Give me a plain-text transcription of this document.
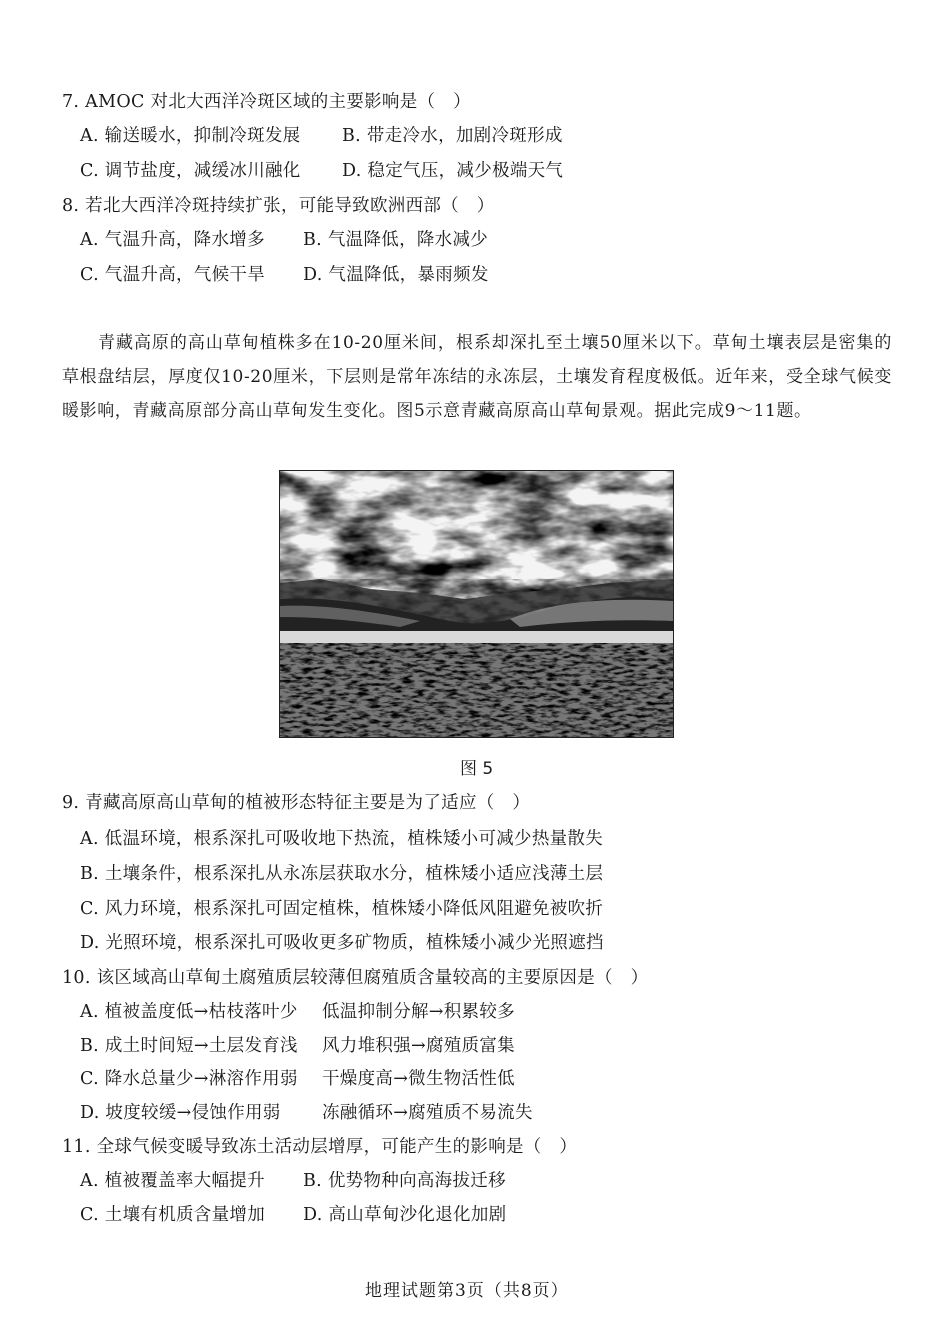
7. AMOC 对北大西洋冷斑区域的主要影响是（　）
A. 输送暖水，抑制冷斑发展 B. 带走冷水，加剧冷斑形成
C. 调节盐度，减缓冰川融化 D. 稳定气压，减少极端天气
8. 若北大西洋冷斑持续扩张，可能导致欧洲西部（　）
A. 气温升高，降水增多 B. 气温降低，降水减少
C. 气温升高，气候干旱 D. 气温降低，暴雨频发
青藏高原的高山草甸植株多在10-20厘米间，根系却深扎至土壤50厘米以下。草甸土壤表层是密集的草根盘结层，厚度仅10-20厘米，下层则是常年冻结的永冻层，土壤发育程度极低。近年来，受全球气候变暖影响，青藏高原部分高山草甸发生变化。图5示意青藏高原高山草甸景观。据此完成9～11题。
图 5
9. 青藏高原高山草甸的植被形态特征主要是为了适应（　）
A. 低温环境，根系深扎可吸收地下热流，植株矮小可减少热量散失
B. 土壤条件，根系深扎从永冻层获取水分，植株矮小适应浅薄土层
C. 风力环境，根系深扎可固定植株，植株矮小降低风阻避免被吹折
D. 光照环境，根系深扎可吸收更多矿物质，植株矮小减少光照遮挡
10. 该区域高山草甸土腐殖质层较薄但腐殖质含量较高的主要原因是（　）
A. 植被盖度低→枯枝落叶少 低温抑制分解→积累较多
B. 成土时间短→土层发育浅 风力堆积强→腐殖质富集
C. 降水总量少→淋溶作用弱 干燥度高→微生物活性低
D. 坡度较缓→侵蚀作用弱 冻融循环→腐殖质不易流失
11. 全球气候变暖导致冻土活动层增厚，可能产生的影响是（　）
A. 植被覆盖率大幅提升 B. 优势物种向高海拔迁移
C. 土壤有机质含量增加 D. 高山草甸沙化退化加剧
地理试题第3页（共8页）
